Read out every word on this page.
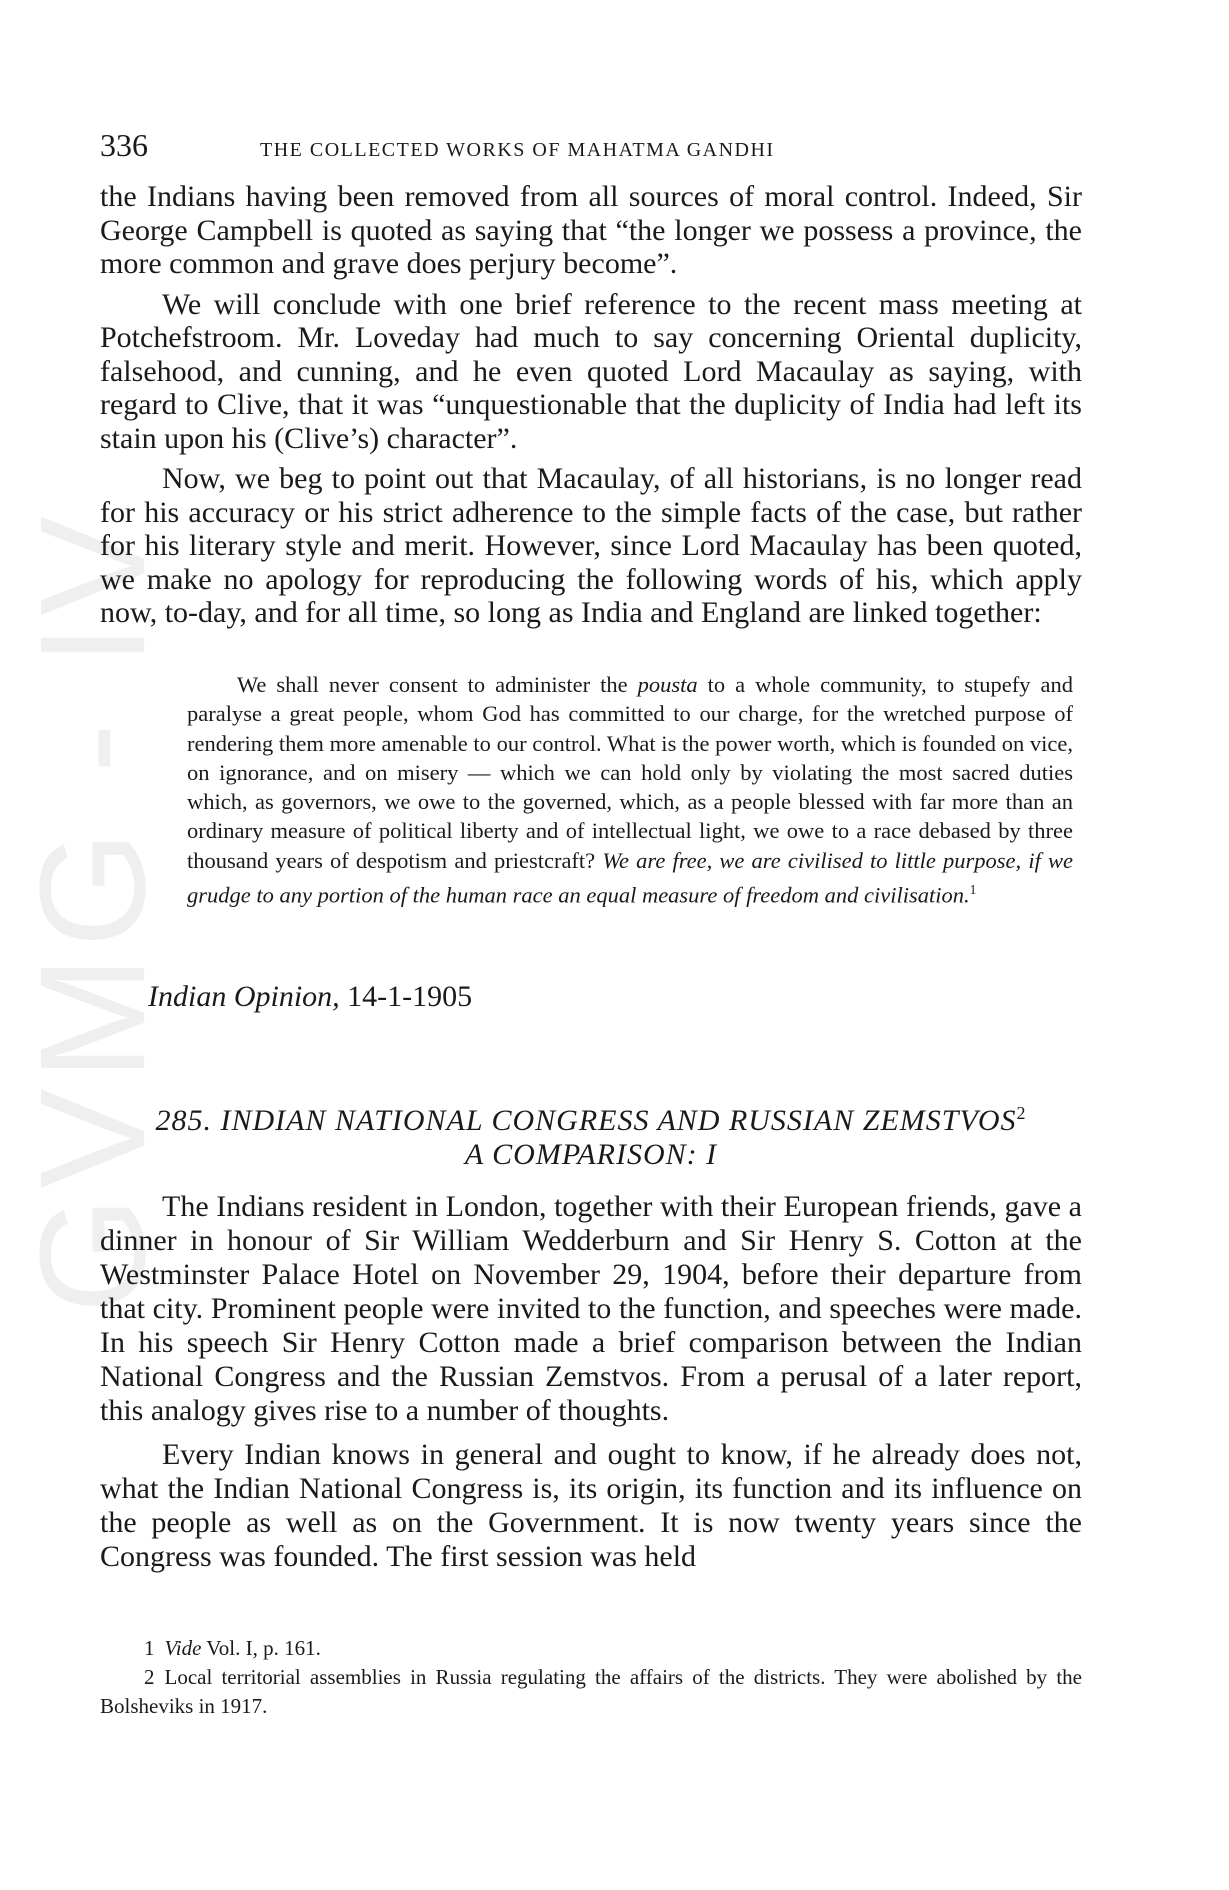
GVMG - IV
336	THE COLLECTED WORKS OF MAHATMA GANDHI

the Indians having been removed from all sources of moral control. Indeed, Sir George Campbell is quoted as saying that “the longer we possess a province, the more common and grave does perjury become”.

We will conclude with one brief reference to the recent mass meeting at Potchefstroom. Mr. Loveday had much to say concerning Oriental duplicity, falsehood, and cunning, and he even quoted Lord Macaulay as saying, with regard to Clive, that it was “unquestionable that the duplicity of India had left its stain upon his (Clive’s) character”.

Now, we beg to point out that Macaulay, of all historians, is no longer read for his accuracy or his strict adherence to the simple facts of the case, but rather for his literary style and merit. However, since Lord Macaulay has been quoted, we make no apology for reproducing the following words of his, which apply now, to-day, and for all time, so long as India and England are linked together:

We shall never consent to administer the pousta to a whole community, to stupefy and paralyse a great people, whom God has committed to our charge, for the wretched purpose of rendering them more amenable to our control. What is the power worth, which is founded on vice, on ignorance, and on misery — which we can hold only by violating the most sacred duties which, as governors, we owe to the governed, which, as a people blessed with far more than an ordinary measure of political liberty and of intellectual light, we owe to a race debased by three thousand years of despotism and priestcraft? We are free, we are civilised to little purpose, if we grudge to any portion of the human race an equal measure of freedom and civilisation.$^1$

Indian Opinion, 14-1-1905
285. INDIAN NATIONAL CONGRESS AND RUSSIAN ZEMSTVOS$^2$
A COMPARISON: I

The Indians resident in London, together with their European friends, gave a dinner in honour of Sir William Wedderburn and Sir Henry S. Cotton at the Westminster Palace Hotel on November 29, 1904, before their departure from that city. Prominent people were invited to the function, and speeches were made. In his speech Sir Henry Cotton made a brief comparison between the Indian National Congress and the Russian Zemstvos. From a perusal of a later report, this analogy gives rise to a number of thoughts.

Every Indian knows in general and ought to know, if he already does not, what the Indian National Congress is, its origin, its function and its influence on the people as well as on the Government. It is now twenty years since the Congress was founded. The first session was held

1 Vide Vol. I, p. 161.

2 Local territorial assemblies in Russia regulating the affairs of the districts. They were abolished by the Bolsheviks in 1917.
